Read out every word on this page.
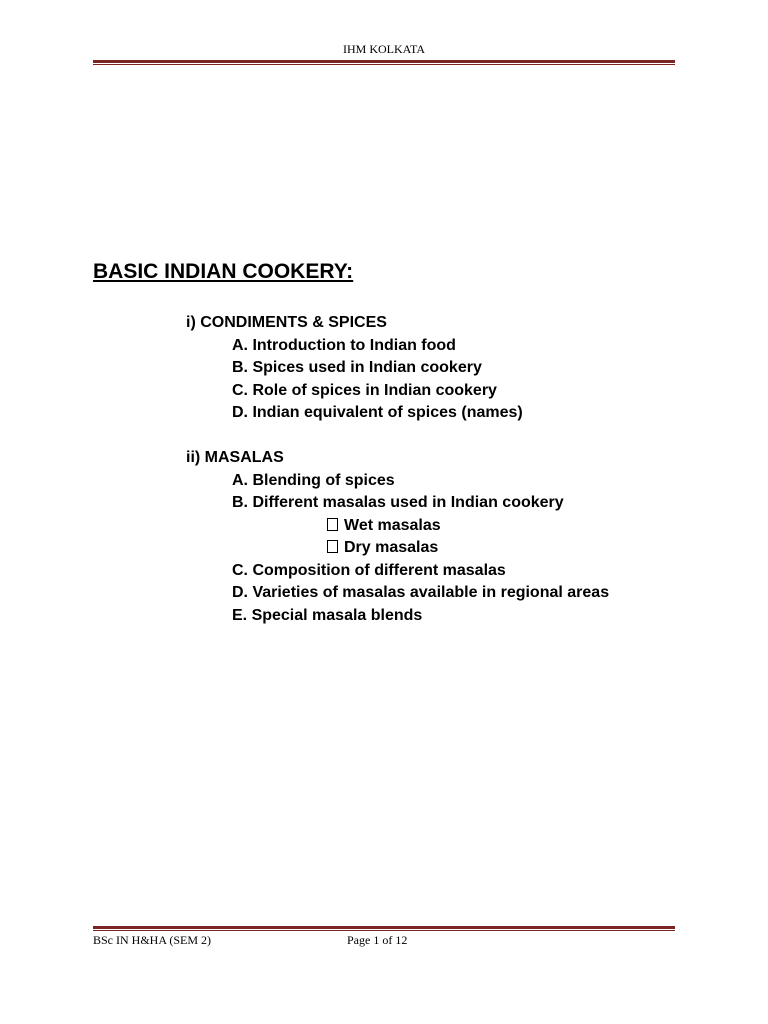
IHM KOLKATA
BASIC INDIAN COOKERY:
i) CONDIMENTS & SPICES
A. Introduction to Indian food
B. Spices used in Indian cookery
C. Role of spices in Indian cookery
D. Indian equivalent of spices (names)
ii) MASALAS
A. Blending of spices
B. Different masalas used in Indian cookery
Wet masalas
Dry masalas
C. Composition of different masalas
D. Varieties of masalas available in regional areas
E. Special masala blends
BSc IN H&HA (SEM 2)	Page 1 of 12
